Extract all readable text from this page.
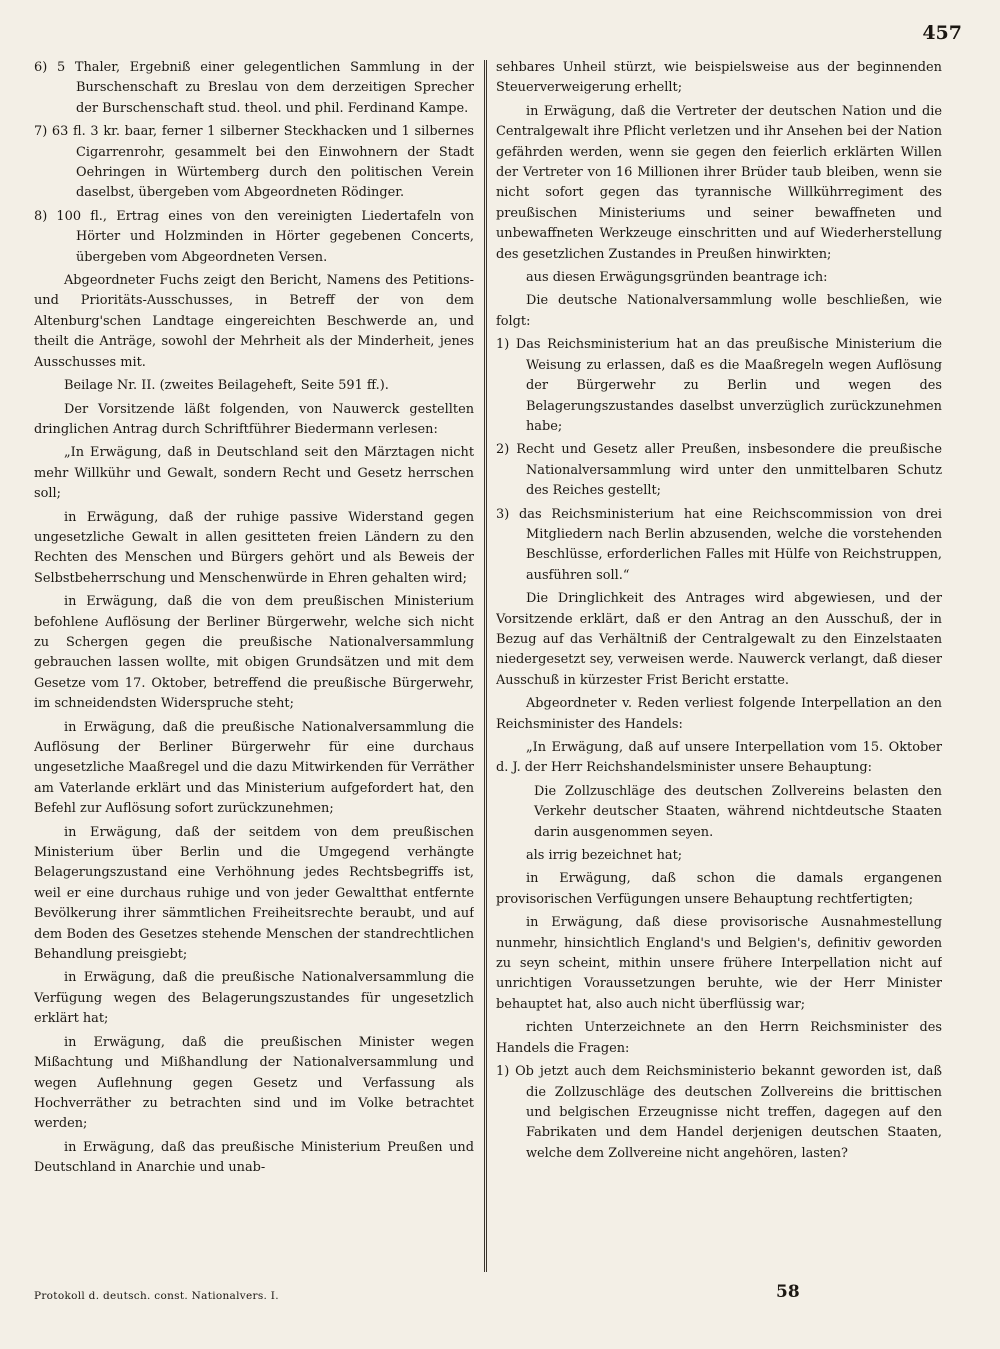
457

6) 5 Thaler, Ergebniß einer gelegentlichen Sammlung in der Burschenschaft zu Breslau von dem derzeitigen Sprecher der Burschenschaft stud. theol. und phil. Ferdinand Kampe.

7) 63 fl. 3 kr. baar, ferner 1 silberner Steckhacken und 1 silbernes Cigarrenrohr, gesammelt bei den Einwohnern der Stadt Oehringen in Würtemberg durch den politischen Verein daselbst, übergeben vom Abgeordneten Rödinger.

8) 100 fl., Ertrag eines von den vereinigten Liedertafeln von Hörter und Holzminden in Hörter gegebenen Concerts, übergeben vom Abgeordneten Versen.

Abgeordneter Fuchs zeigt den Bericht, Namens des Petitions- und Prioritäts-Ausschusses, in Betreff der von dem Altenburg'schen Landtage eingereichten Beschwerde an, und theilt die Anträge, sowohl der Mehrheit als der Minderheit, jenes Ausschusses mit.

Beilage Nr. II. (zweites Beilageheft, Seite 591 ff.).

Der Vorsitzende läßt folgenden, von Nauwerck gestellten dringlichen Antrag durch Schriftführer Biedermann verlesen:

„In Erwägung, daß in Deutschland seit den Märztagen nicht mehr Willkühr und Gewalt, sondern Recht und Gesetz herrschen soll;

in Erwägung, daß der ruhige passive Widerstand gegen ungesetzliche Gewalt in allen gesitteten freien Ländern zu den Rechten des Menschen und Bürgers gehört und als Beweis der Selbstbeherrschung und Menschenwürde in Ehren gehalten wird;

in Erwägung, daß die von dem preußischen Ministerium befohlene Auflösung der Berliner Bürgerwehr, welche sich nicht zu Schergen gegen die preußische Nationalversammlung gebrauchen lassen wollte, mit obigen Grundsätzen und mit dem Gesetze vom 17. Oktober, betreffend die preußische Bürgerwehr, im schneidendsten Widerspruche steht;

in Erwägung, daß die preußische Nationalversammlung die Auflösung der Berliner Bürgerwehr für eine durchaus ungesetzliche Maaßregel und die dazu Mitwirkenden für Verräther am Vaterlande erklärt und das Ministerium aufgefordert hat, den Befehl zur Auflösung sofort zurückzunehmen;

in Erwägung, daß der seitdem von dem preußischen Ministerium über Berlin und die Umgegend verhängte Belagerungszustand eine Verhöhnung jedes Rechtsbegriffs ist, weil er eine durchaus ruhige und von jeder Gewaltthat entfernte Bevölkerung ihrer sämmtlichen Freiheitsrechte beraubt, und auf dem Boden des Gesetzes stehende Menschen der standrechtlichen Behandlung preisgiebt;

in Erwägung, daß die preußische Nationalversammlung die Verfügung wegen des Belagerungszustandes für ungesetzlich erklärt hat;

in Erwägung, daß die preußischen Minister wegen Mißachtung und Mißhandlung der Nationalversammlung und wegen Auflehnung gegen Gesetz und Verfassung als Hochverräther zu betrachten sind und im Volke betrachtet werden;

in Erwägung, daß das preußische Ministerium Preußen und Deutschland in Anarchie und unab-

sehbares Unheil stürzt, wie beispielsweise aus der beginnenden Steuerverweigerung erhellt;

in Erwägung, daß die Vertreter der deutschen Nation und die Centralgewalt ihre Pflicht verletzen und ihr Ansehen bei der Nation gefährden werden, wenn sie gegen den feierlich erklärten Willen der Vertreter von 16 Millionen ihrer Brüder taub bleiben, wenn sie nicht sofort gegen das tyrannische Willkührregiment des preußischen Ministeriums und seiner bewaffneten und unbewaffneten Werkzeuge einschritten und auf Wiederherstellung des gesetzlichen Zustandes in Preußen hinwirkten;

aus diesen Erwägungsgründen beantrage ich:

Die deutsche Nationalversammlung wolle beschließen, wie folgt:

1) Das Reichsministerium hat an das preußische Ministerium die Weisung zu erlassen, daß es die Maaßregeln wegen Auflösung der Bürgerwehr zu Berlin und wegen des Belagerungszustandes daselbst unverzüglich zurückzunehmen habe;

2) Recht und Gesetz aller Preußen, insbesondere die preußische Nationalversammlung wird unter den unmittelbaren Schutz des Reiches gestellt;

3) das Reichsministerium hat eine Reichscommission von drei Mitgliedern nach Berlin abzusenden, welche die vorstehenden Beschlüsse, erforderlichen Falles mit Hülfe von Reichstruppen, ausführen soll.“

Die Dringlichkeit des Antrages wird abgewiesen, und der Vorsitzende erklärt, daß er den Antrag an den Ausschuß, der in Bezug auf das Verhältniß der Centralgewalt zu den Einzelstaaten niedergesetzt sey, verweisen werde. Nauwerck verlangt, daß dieser Ausschuß in kürzester Frist Bericht erstatte.

Abgeordneter v. Reden verliest folgende Interpellation an den Reichsminister des Handels:

„In Erwägung, daß auf unsere Interpellation vom 15. Oktober d. J. der Herr Reichshandelsminister unsere Behauptung:

Die Zollzuschläge des deutschen Zollvereins belasten den Verkehr deutscher Staaten, während nichtdeutsche Staaten darin ausgenommen seyen.

als irrig bezeichnet hat;

in Erwägung, daß schon die damals ergangenen provisorischen Verfügungen unsere Behauptung rechtfertigten;

in Erwägung, daß diese provisorische Ausnahmestellung nunmehr, hinsichtlich England's und Belgien's, definitiv geworden zu seyn scheint, mithin unsere frühere Interpellation nicht auf unrichtigen Voraussetzungen beruhte, wie der Herr Minister behauptet hat, also auch nicht überflüssig war;

richten Unterzeichnete an den Herrn Reichsminister des Handels die Fragen:

1) Ob jetzt auch dem Reichsministerio bekannt geworden ist, daß die Zollzuschläge des deutschen Zollvereins die brittischen und belgischen Erzeugnisse nicht treffen, dagegen auf den Fabrikaten und dem Handel derjenigen deutschen Staaten, welche dem Zollvereine nicht angehören, lasten?

Protokoll d. deutsch. const. Nationalvers. I.	58
